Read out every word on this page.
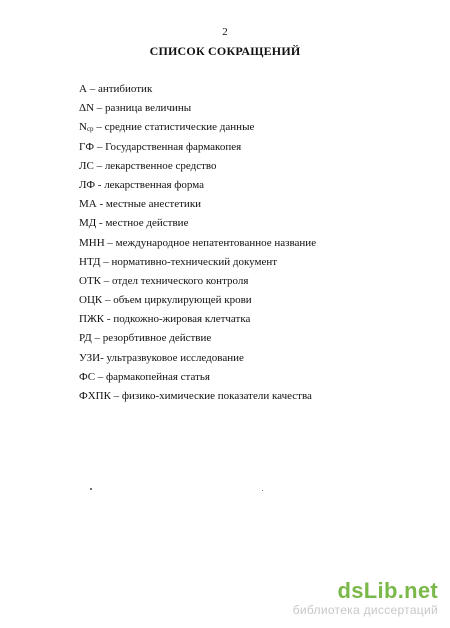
2
СПИСОК СОКРАЩЕНИЙ
А – антибиотик
ΔN – разница величины
Nср – средние статистические данные
ГФ – Государственная фармакопея
ЛС – лекарственное средство
ЛФ - лекарственная форма
МА - местные анестетики
МД - местное действие
МНН – международное непатентованное название
НТД – нормативно-технический документ
ОТК – отдел технического контроля
ОЦК – объем циркулирующей крови
ПЖК - подкожно-жировая клетчатка
РД – резорбтивное действие
УЗИ- ультразвуковое исследование
ФС – фармакопейная статья
ФХПК – физико-химические показатели качества
dsLib.net
библиотека диссертаций
